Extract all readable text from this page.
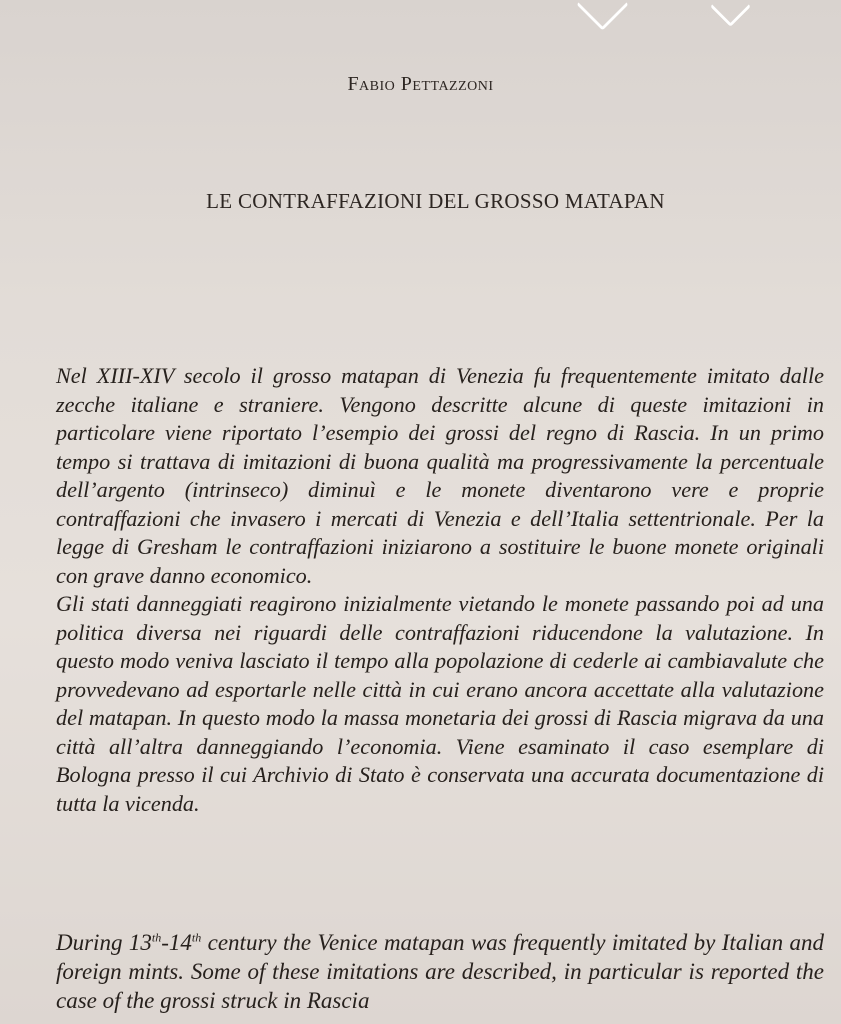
Fabio Pettazzoni
LE CONTRAFFAZIONI DEL GROSSO MATAPAN

Nel XIII-XIV secolo il grosso matapan di Venezia fu frequentemente imitato dalle zecche italiane e straniere. Vengono descritte alcune di queste imitazioni in particolare viene riportato l’esempio dei grossi del regno di Rascia. In un primo tempo si trattava di imitazioni di buona qualità ma progressivamente la percentuale dell’argento (intrinseco) diminuì e le monete diventarono vere e proprie contraffazioni che invasero i mercati di Venezia e dell’Italia settentrionale. Per la legge di Gresham le contraffazioni iniziarono a sostituire le buone monete originali con grave danno economico.

Gli stati danneggiati reagirono inizialmente vietando le monete passando poi ad una politica diversa nei riguardi delle contraffazioni riducendone la valutazione. In questo modo veniva lasciato il tempo alla popolazione di cederle ai cambiavalute che provvedevano ad esportarle nelle città in cui erano ancora accettate alla valutazione del matapan. In questo modo la massa monetaria dei grossi di Rascia migrava da una città all’altra danneggiando l’economia. Viene esaminato il caso esemplare di Bologna presso il cui Archivio di Stato è conservata una accurata documentazione di tutta la vicenda.

During 13th-14th century the Venice matapan was frequently imitated by Italian and foreign mints. Some of these imitations are described, in particular is reported the case of the grossi struck in Rascia
